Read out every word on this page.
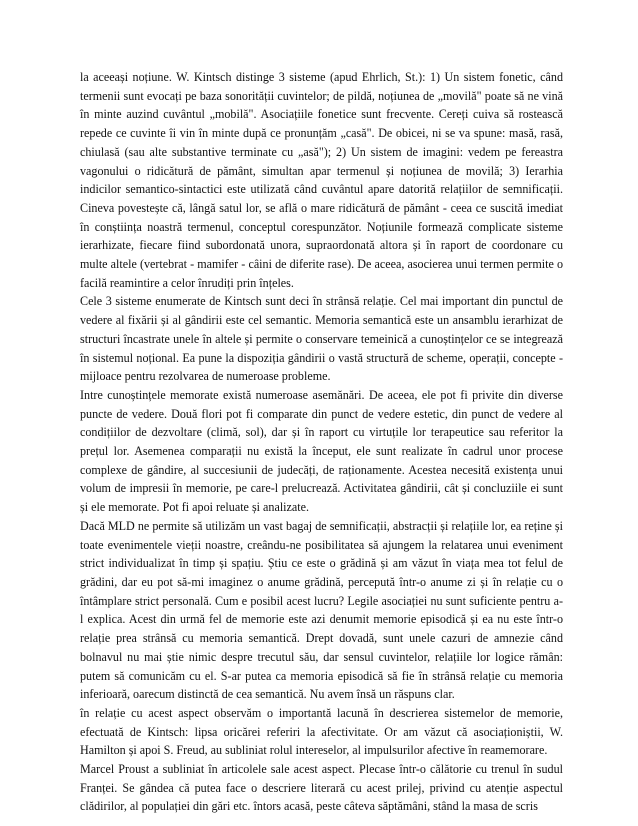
la aceeași noțiune. W. Kintsch distinge 3 sisteme (apud Ehrlich, St.): 1) Un sistem fonetic, când termenii sunt evocați pe baza sonorității cuvintelor; de pildă, noțiunea de „movilă" poate să ne vină în minte auzind cuvântul „mobilă". Asociațiile fonetice sunt frecvente. Cereți cuiva să rostească repede ce cuvinte îi vin în minte după ce pronunțăm „casă". De obicei, ni se va spune: masă, rasă, chiulasă (sau alte substantive terminate cu „asă"); 2) Un sistem de imagini: vedem pe fereastra vagonului o ridicătură de pământ, simultan apar termenul și noțiunea de movilă; 3) Ierarhia indicilor semantico-sintactici este utilizată când cuvântul apare datorită relațiilor de semnificații. Cineva povestește că, lângă satul lor, se află o mare ridicătură de pământ - ceea ce suscită imediat în conștiința noastră termenul, conceptul corespunzător. Noțiunile formează complicate sisteme ierarhizate, fiecare fiind subordonată unora, supraordonată altora și în raport de coordonare cu multe altele (vertebrat - mamifer - câini de diferite rase). De aceea, asocierea unui termen permite o facilă reamintire a celor înrudiți prin înțeles.

Cele 3 sisteme enumerate de Kintsch sunt deci în strânsă relație. Cel mai important din punctul de vedere al fixării și al gândirii este cel semantic. Memoria semantică este un ansamblu ierarhizat de structuri încastrate unele în altele și permite o conservare temeinică a cunoștințelor ce se integrează în sistemul noțional. Ea pune la dispoziția gândirii o vastă structură de scheme, operații, concepte - mijloace pentru rezolvarea de numeroase probleme.

Intre cunoștințele memorate există numeroase asemănări. De aceea, ele pot fi privite din diverse puncte de vedere. Două flori pot fi comparate din punct de vedere estetic, din punct de vedere al condițiilor de dezvoltare (climă, sol), dar și în raport cu virtuțile lor terapeutice sau referitor la prețul lor. Asemenea comparații nu există la început, ele sunt realizate în cadrul unor procese complexe de gândire, al succesiunii de judecăți, de raționamente. Acestea necesită existența unui volum de impresii în memorie, pe care-l prelucrează. Activitatea gândirii, cât și concluziile ei sunt și ele memorate. Pot fi apoi reluate și analizate.

Dacă MLD ne permite să utilizăm un vast bagaj de semnificații, abstracții și relațiile lor, ea reține și toate evenimentele vieții noastre, creându-ne posibilitatea să ajungem la relatarea unui eveniment strict individualizat în timp și spațiu. Știu ce este o grădină și am văzut în viața mea tot felul de grădini, dar eu pot să-mi imaginez o anume grădină, percepută într-o anume zi și în relație cu o întâmplare strict personală. Cum e posibil acest lucru? Legile asociației nu sunt suficiente pentru a-l explica. Acest din urmă fel de memorie este azi denumit memorie episodică și ea nu este într-o relație prea strânsă cu memoria semantică. Drept dovadă, sunt unele cazuri de amnezie când bolnavul nu mai știe nimic despre trecutul său, dar sensul cuvintelor, relațiile lor logice rămân: putem să comunicăm cu el. S-ar putea ca memoria episodică să fie în strânsă relație cu memoria inferioară, oarecum distinctă de cea semantică. Nu avem însă un răspuns clar.

în relație cu acest aspect observăm o importantă lacună în descrierea sistemelor de memorie, efectuată de Kintsch: lipsa oricărei referiri la afectivitate. Or am văzut că asociaționiștii, W. Hamilton și apoi S. Freud, au subliniat rolul intereselor, al impulsurilor afective în reamemorare.

Marcel Proust a subliniat în articolele sale acest aspect. Plecase într-o călătorie cu trenul în sudul Franței. Se gândea că putea face o descriere literară cu acest prilej, privind cu atenție aspectul clădirilor, al populației din gări etc. întors acasă, peste câteva săptămâni, stând la masa de scris
